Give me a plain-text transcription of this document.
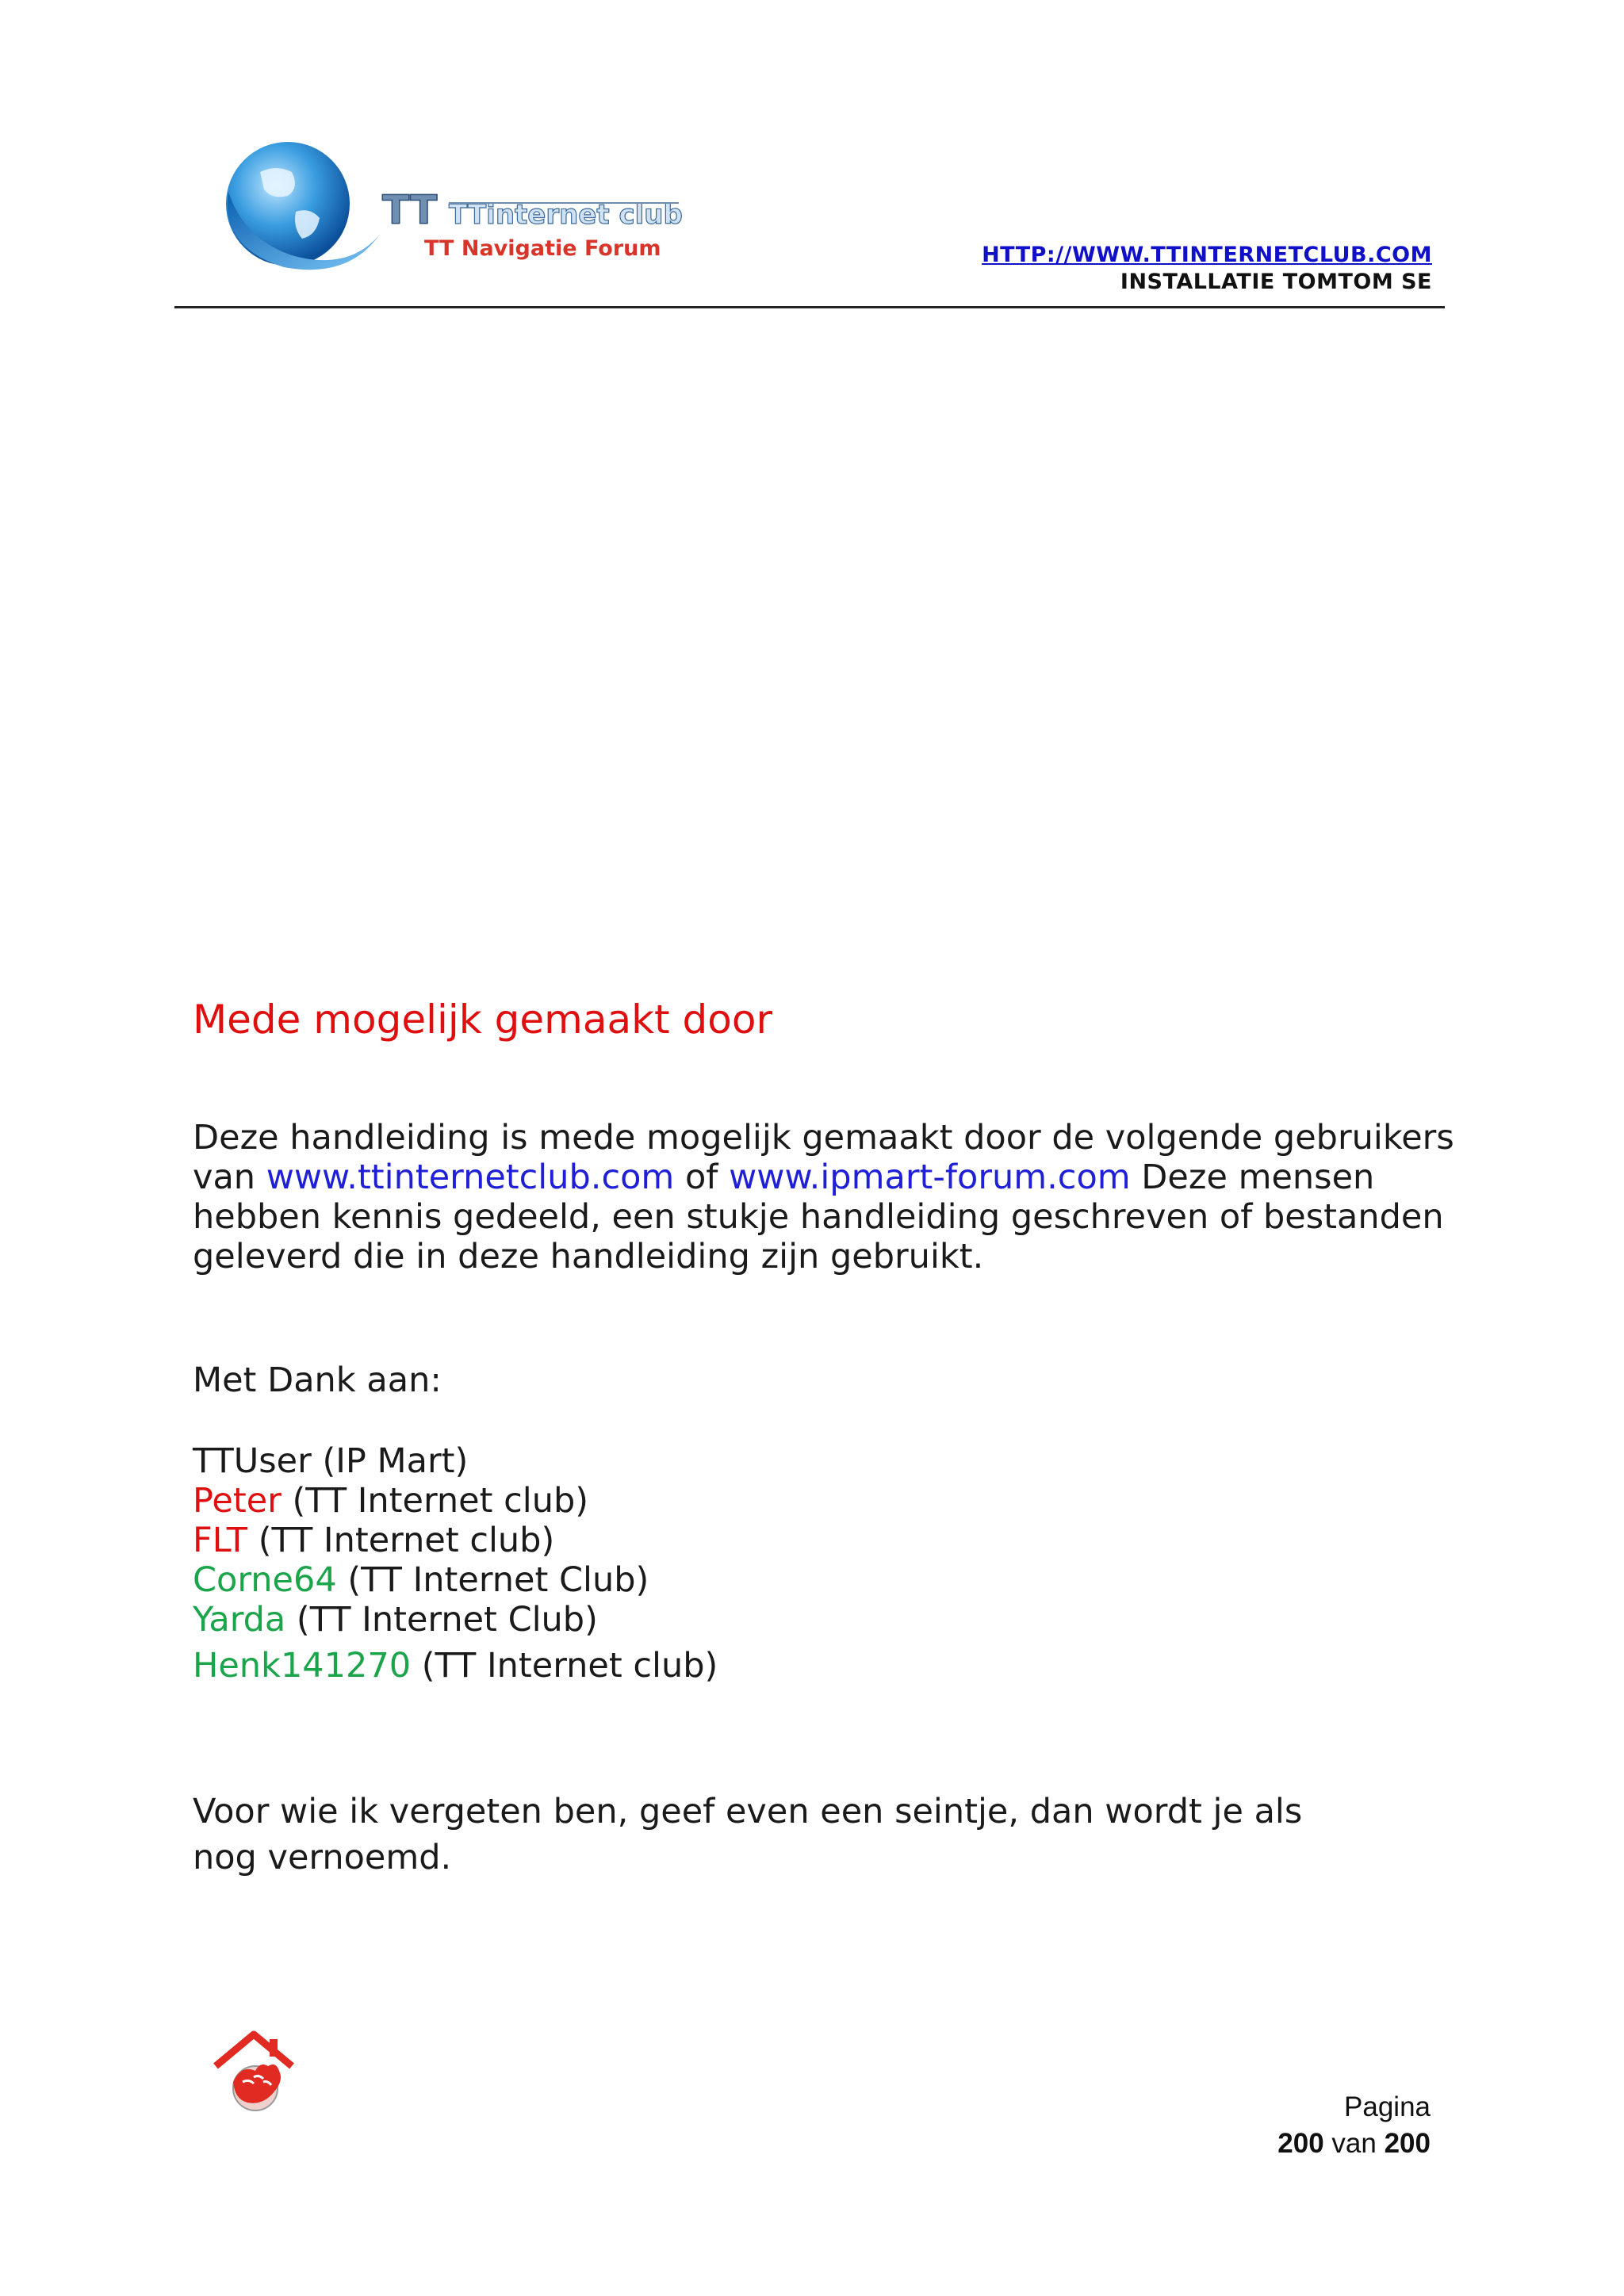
TT TTinternet club
TT Navigatie Forum	HTTP://WWW.TTINTERNETCLUB.COM
INSTALLATIE TOMTOM SE
Mede mogelijk gemaakt door

Deze handleiding is mede mogelijk gemaakt door de volgende gebruikers van www.ttinternetclub.com of www.ipmart-forum.com Deze mensen hebben kennis gedeeld, een stukje handleiding geschreven of bestanden geleverd die in deze handleiding zijn gebruikt.

Met Dank aan:
TTUser (IP Mart)
Peter (TT Internet club)
FLT (TT Internet club)
Corne64 (TT Internet Club)
Yarda (TT Internet Club)
Henk141270 (TT Internet club)
Voor wie ik vergeten ben, geef even een seintje, dan wordt je als nog vernoemd.
Pagina
200 van 200
